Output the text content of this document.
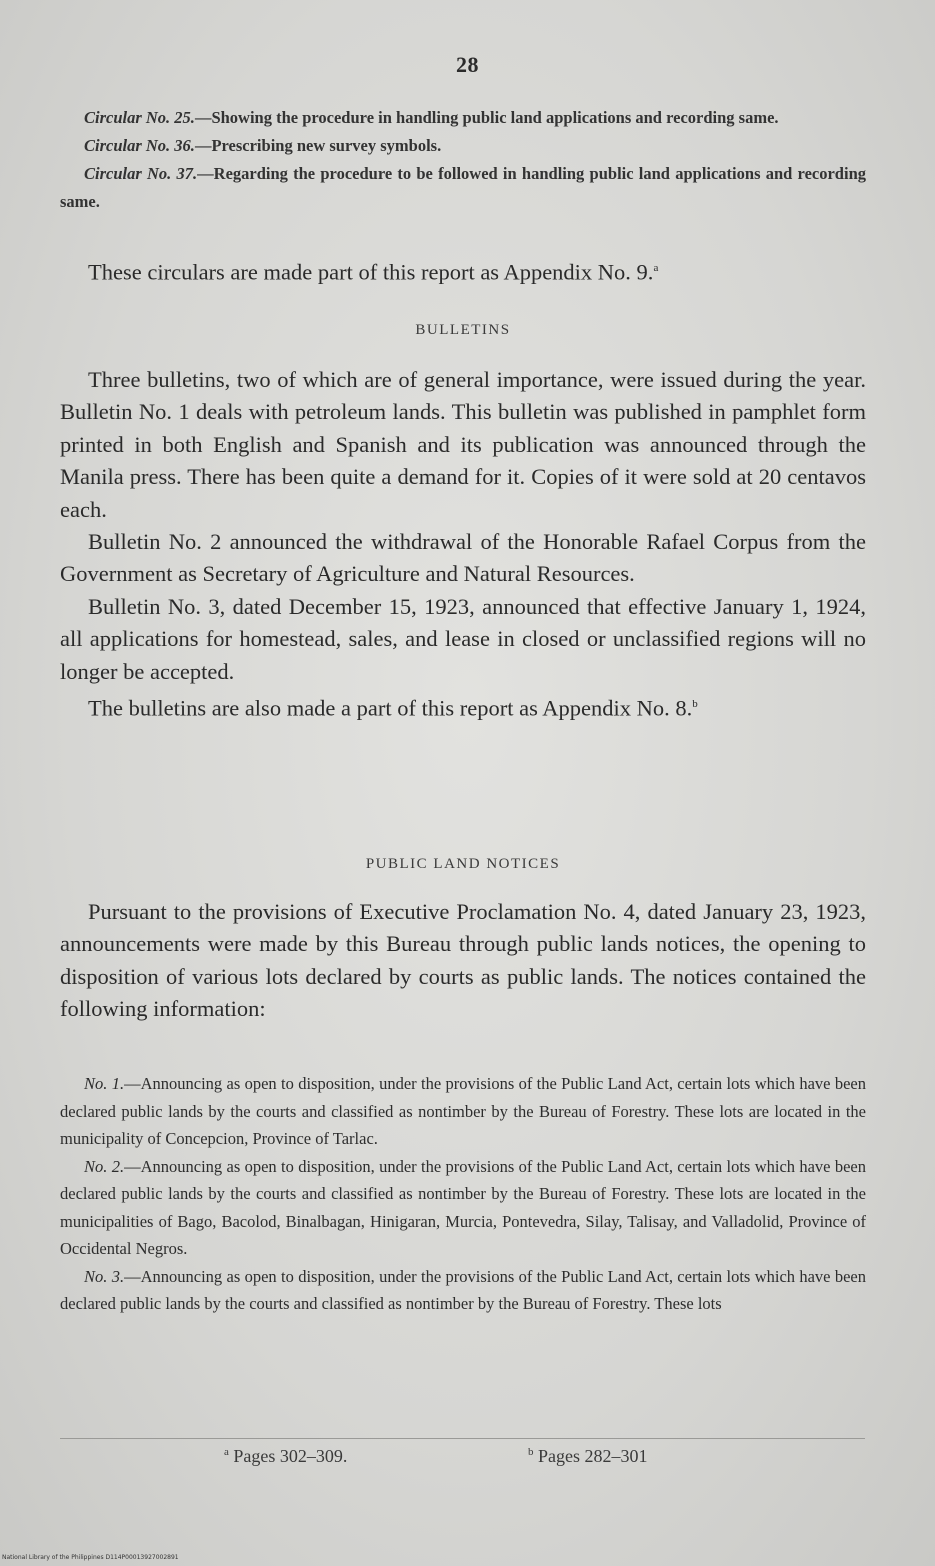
28

Circular No. 25.—Showing the procedure in handling public land applications and recording same.

Circular No. 36.—Prescribing new survey symbols.

Circular No. 37.—Regarding the procedure to be followed in handling public land applications and recording same.

These circulars are made part of this report as Appendix No. 9.$^a$

BULLETINS

Three bulletins, two of which are of general importance, were issued during the year. Bulletin No. 1 deals with petroleum lands. This bulletin was published in pamphlet form printed in both English and Spanish and its publication was announced through the Manila press. There has been quite a demand for it. Copies of it were sold at 20 centavos each.

Bulletin No. 2 announced the withdrawal of the Honorable Rafael Corpus from the Government as Secretary of Agriculture and Natural Resources.

Bulletin No. 3, dated December 15, 1923, announced that effective January 1, 1924, all applications for homestead, sales, and lease in closed or unclassified regions will no longer be accepted.

The bulletins are also made a part of this report as Appendix No. 8.$^b$

PUBLIC LAND NOTICES

Pursuant to the provisions of Executive Proclamation No. 4, dated January 23, 1923, announcements were made by this Bureau through public lands notices, the opening to disposition of various lots declared by courts as public lands. The notices contained the following information:

No. 1.—Announcing as open to disposition, under the provisions of the Public Land Act, certain lots which have been declared public lands by the courts and classified as nontimber by the Bureau of Forestry. These lots are located in the municipality of Concepcion, Province of Tarlac.

No. 2.—Announcing as open to disposition, under the provisions of the Public Land Act, certain lots which have been declared public lands by the courts and classified as nontimber by the Bureau of Forestry. These lots are located in the municipalities of Bago, Bacolod, Binalbagan, Hinigaran, Murcia, Pontevedra, Silay, Talisay, and Valladolid, Province of Occidental Negros.

No. 3.—Announcing as open to disposition, under the provisions of the Public Land Act, certain lots which have been declared public lands by the courts and classified as nontimber by the Bureau of Forestry. These lots

$^a$ Pages 302–309.	$^b$ Pages 282–301
National Library of the Philippines D114P00013927002891
